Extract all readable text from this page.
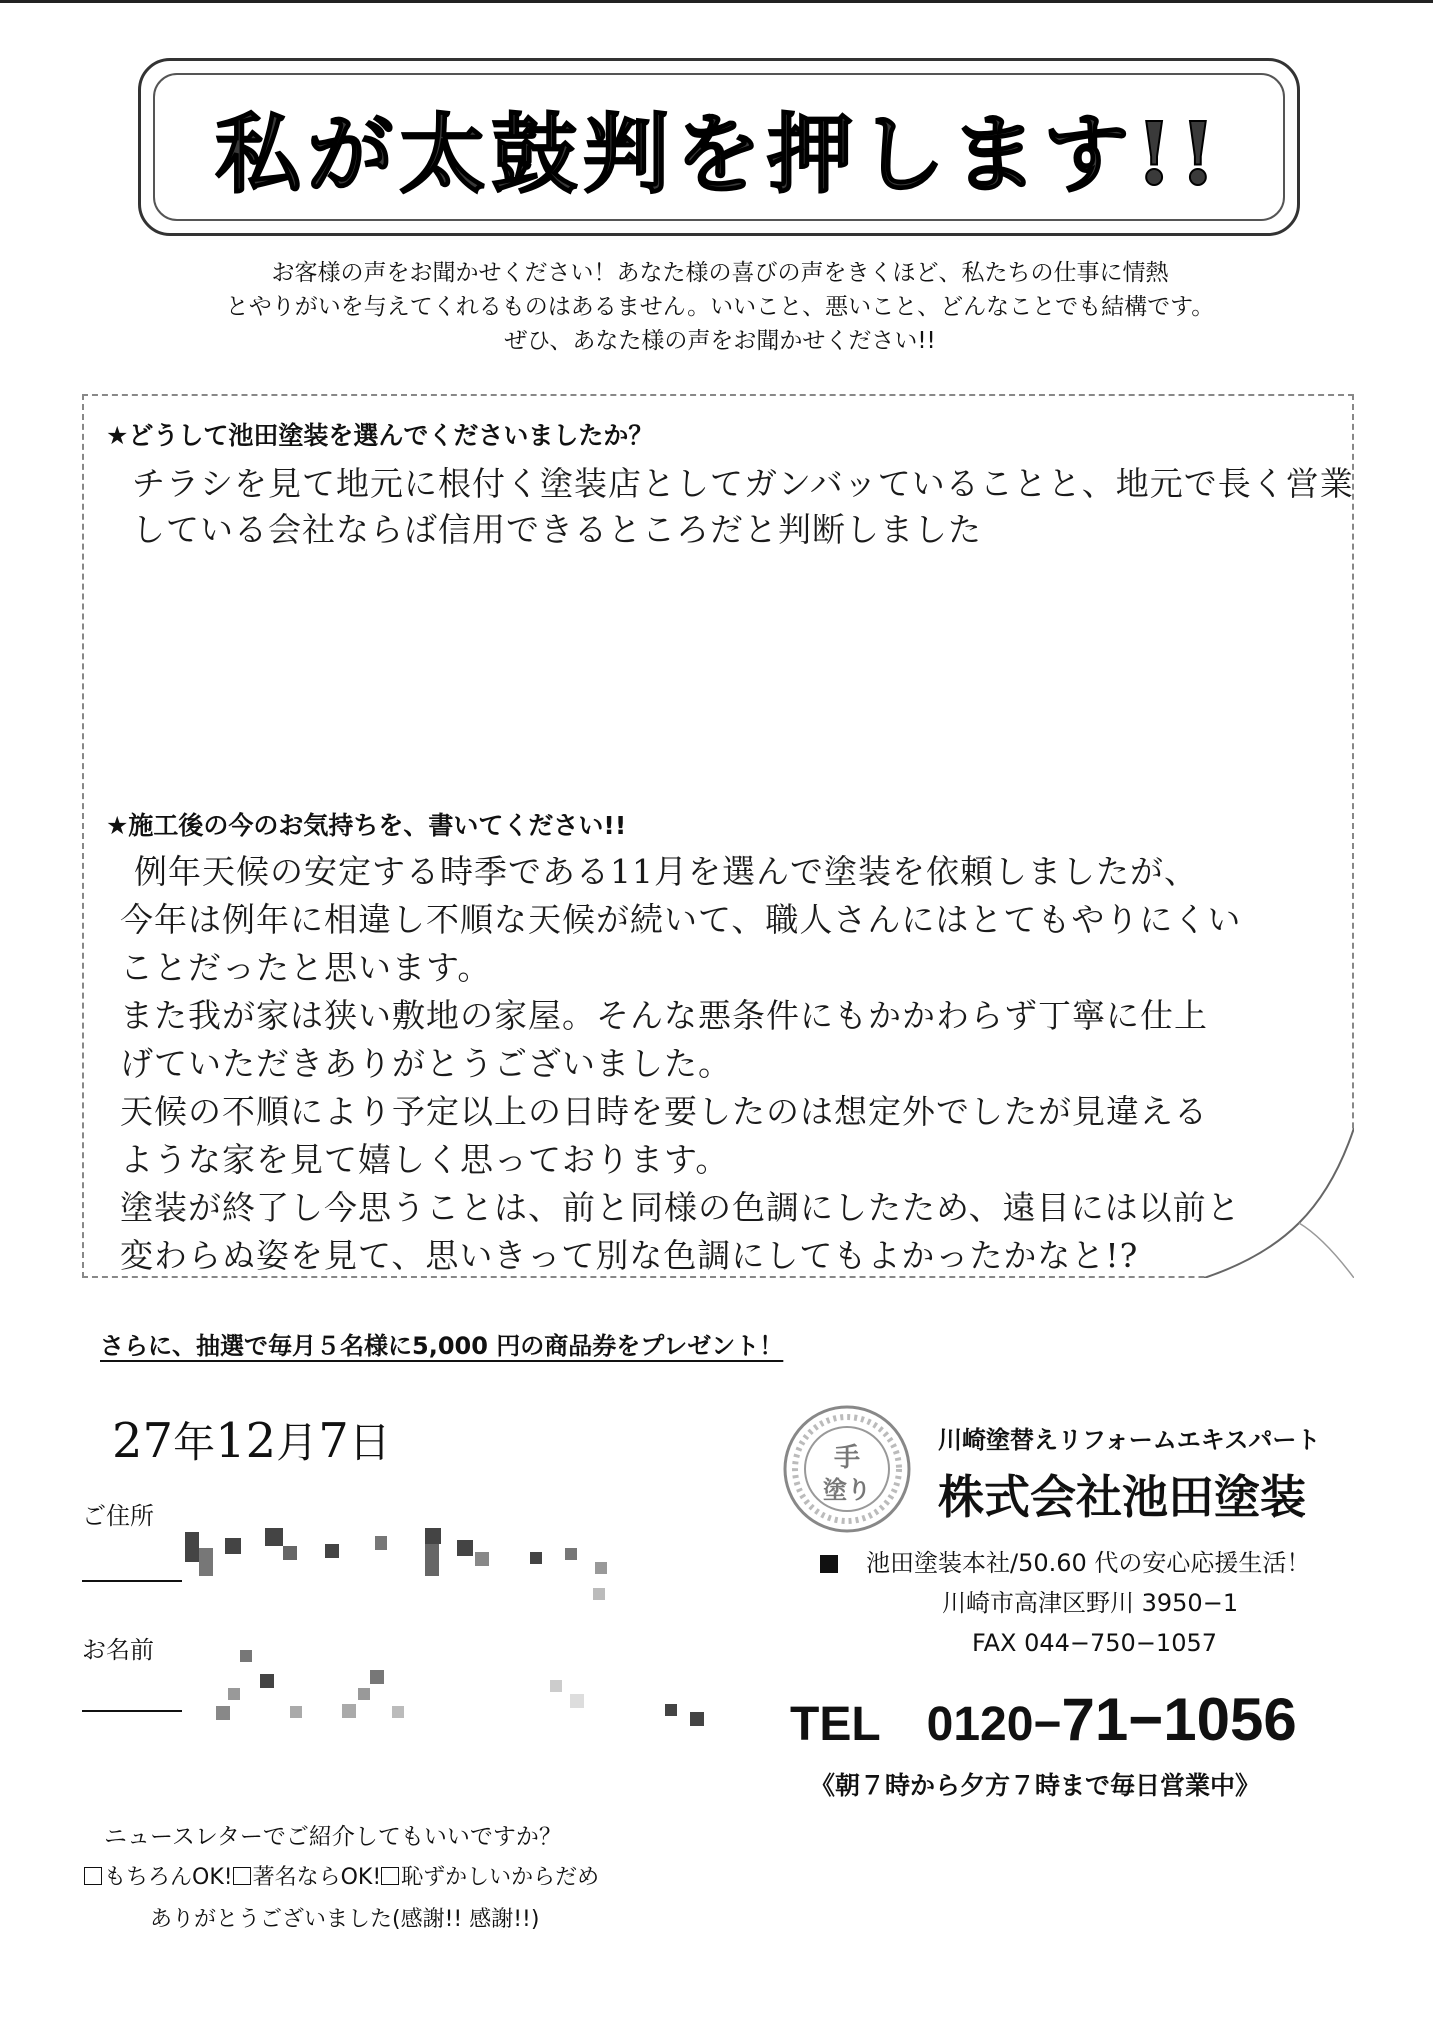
私が太鼓判を押します!!
お客様の声をお聞かせください！あなた様の喜びの声をきくほど、私たちの仕事に情熱
とやりがいを与えてくれるものはあるません。いいこと、悪いこと、どんなことでも結構です。
ぜひ、あなた様の声をお聞かせください!!
★どうして池田塗装を選んでくださいましたか？
チラシを見て地元に根付く塗装店としてガンバッていることと、地元で長く営業
している会社ならば信用できるところだと判断しました
★施工後の今のお気持ちを、書いてください!!
例年天候の安定する時季である11月を選んで塗装を依頼しましたが、
今年は例年に相違し不順な天候が続いて、職人さんにはとてもやりにくい
ことだったと思います。
また我が家は狭い敷地の家屋。そんな悪条件にもかかわらず丁寧に仕上
げていただきありがとうございました。
天候の不順により予定以上の日時を要したのは想定外でしたが見違える
ような家を見て嬉しく思っております。
塗装が終了し今思うことは、前と同様の色調にしたため、遠目には以前と
変わらぬ姿を見て、思いきって別な色調にしてもよかったかなと!?
さらに、抽選で毎月５名様に5,000 円の商品券をプレゼント！
27年12月7日
ご住所
お名前
手
塗り
川崎塗替えリフォームエキスパート
株式会社池田塗装
池田塗装本社/50.60 代の安心応援生活！
川崎市高津区野川 3950−1
FAX 044−750−1057
TEL 0120−71−1056
《朝７時から夕方７時まで毎日営業中》
ニュースレターでご紹介してもいいですか？
もちろんOK! 著名ならOK! 恥ずかしいからだめ
ありがとうございました(感謝!! 感謝!!)
